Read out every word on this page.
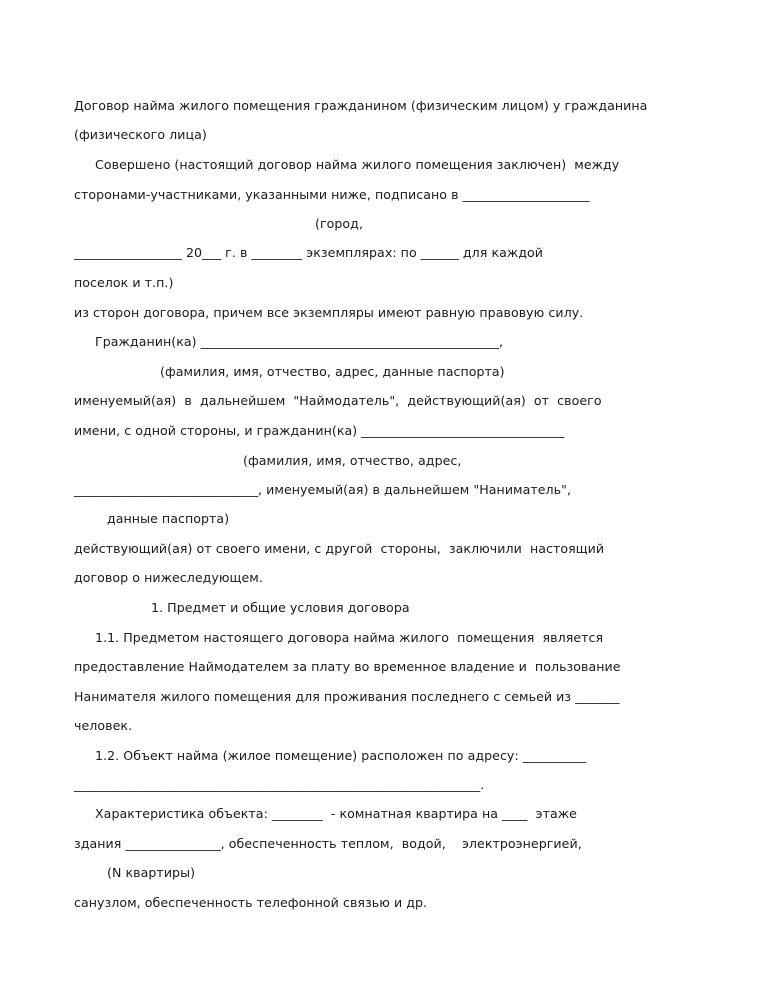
Договор найма жилого помещения гражданином (физическим лицом) у гражданина
(физического лица)
Совершено (настоящий договор найма жилого помещения заключен)  между
сторонами-участниками, указанными ниже, подписано в ____________________
(город,
_________________ 20___ г. в ________ экземплярах: по ______ для каждой
поселок и т.п.)
из сторон договора, причем все экземпляры имеют равную правовую силу.
Гражданин(ка) _______________________________________________,
(фамилия, имя, отчество, адрес, данные паспорта)
именуемый(ая)  в  дальнейшем  "Наймодатель",  действующий(ая)  от  своего
имени, с одной стороны, и гражданин(ка) ________________________________
(фамилия, имя, отчество, адрес,
_____________________________, именуемый(ая) в дальнейшем "Наниматель",
данные паспорта)
действующий(ая) от своего имени, с другой  стороны,  заключили  настоящий
договор о нижеследующем.
1. Предмет и общие условия договора
1.1. Предметом настоящего договора найма жилого  помещения  является
предоставление Наймодателем за плату во временное владение и  пользование
Нанимателя жилого помещения для проживания последнего с семьей из _______
человек.
1.2. Объект найма (жилое помещение) расположен по адресу: __________
________________________________________________________________.
Характеристика объекта: ________  - комнатная квартира на ____  этаже
здания _______________, обеспеченность теплом,  водой,    электроэнергией,
(N квартиры)
санузлом, обеспеченность телефонной связью и др.
